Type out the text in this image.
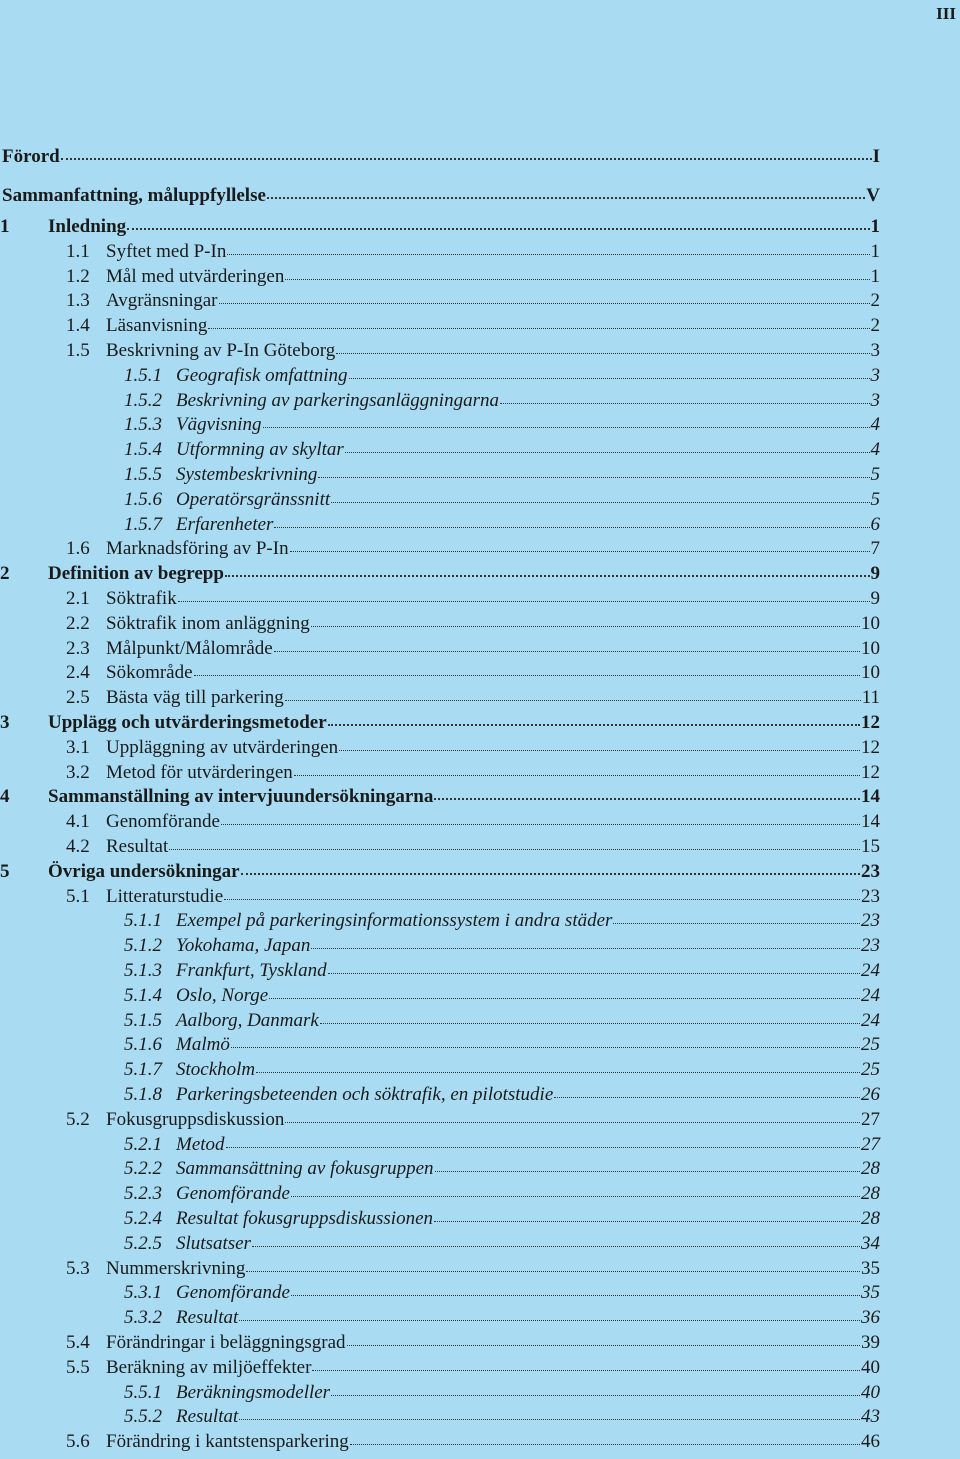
III
Förord	I
Sammanfattning, måluppfyllelse	V
1	Inledning	1
1.1 Syftet med P-In	1
1.2 Mål med utvärderingen	1
1.3 Avgränsningar	2
1.4 Läsanvisning	2
1.5 Beskrivning av P-In Göteborg	3
1.5.1 Geografisk omfattning	3
1.5.2 Beskrivning av parkeringsanläggningarna	3
1.5.3 Vägvisning	4
1.5.4 Utformning av skyltar	4
1.5.5 Systembeskrivning	5
1.5.6 Operatörsgränssnitt	5
1.5.7 Erfarenheter	6
1.6 Marknadsföring av P-In	7
2	Definition av begrepp	9
2.1 Söktrafik	9
2.2 Söktrafik inom anläggning	10
2.3 Målpunkt/Målområde	10
2.4 Sökområde	10
2.5 Bästa väg till parkering	11
3	Upplägg och utvärderingsmetoder	12
3.1 Uppläggning av utvärderingen	12
3.2 Metod för utvärderingen	12
4	Sammanställning av intervjuundersökningarna	14
4.1 Genomförande	14
4.2 Resultat	15
5	Övriga undersökningar	23
5.1 Litteraturstudie	23
5.1.1 Exempel på parkeringsinformationssystem i andra städer	23
5.1.2 Yokohama, Japan	23
5.1.3 Frankfurt, Tyskland	24
5.1.4 Oslo, Norge	24
5.1.5 Aalborg, Danmark	24
5.1.6 Malmö	25
5.1.7 Stockholm	25
5.1.8 Parkeringsbeteenden och söktrafik, en pilotstudie	26
5.2 Fokusgruppsdiskussion	27
5.2.1 Metod	27
5.2.2 Sammansättning av fokusgruppen	28
5.2.3 Genomförande	28
5.2.4 Resultat fokusgruppsdiskussionen	28
5.2.5 Slutsatser	34
5.3 Nummerskrivning	35
5.3.1 Genomförande	35
5.3.2 Resultat	36
5.4 Förändringar i beläggningsgrad	39
5.5 Beräkning av miljöeffekter	40
5.5.1 Beräkningsmodeller	40
5.5.2 Resultat	43
5.6 Förändring i kantstensparkering	46
